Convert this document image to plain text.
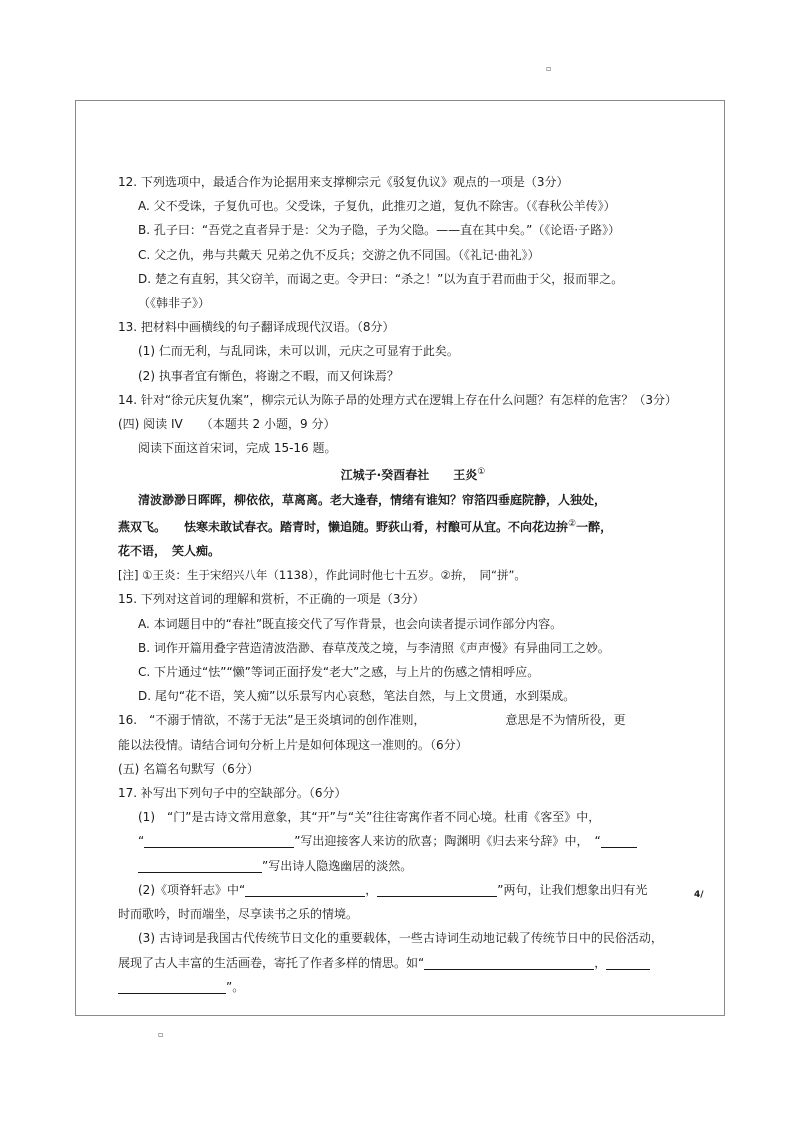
▫
▫
12. 下列选项中，最适合作为论据用来支撑柳宗元《驳复仇议》观点的一项是（3分）
A. 父不受诛，子复仇可也。父受诛，子复仇，此推刃之道，复仇不除害。（《春秋公羊传》）
B. 孔子曰：“吾党之直者异于是：父为子隐，子为父隐。——直在其中矣。”（《论语·子路》）
C. 父之仇，弗与共戴天 兄弟之仇不反兵；交游之仇不同国。（《礼记·曲礼》）
D. 楚之有直躬，其父窃羊，而谒之吏。令尹曰：“杀之！”以为直于君而曲于父，报而罪之。
（《韩非子》）
13. 把材料中画横线的句子翻译成现代汉语。（8分）
(1) 仁而无利，与乱同诛，未可以训，元庆之可显宥于此矣。
(2) 执事者宜有惭色，将谢之不暇，而又何诛焉？
14. 针对“徐元庆复仇案”，柳宗元认为陈子昂的处理方式在逻辑上存在什么问题？有怎样的危害？（3分）
(四) 阅读 IV　　（本题共 2 小题，9 分）
阅读下面这首宋词，完成 15-16 题。
江城子·癸酉春社　　王炎①
清波渺渺日晖晖，柳依依，草离离。老大逢春，情绪有谁知？帘箔四垂庭院静，人独处，
燕双飞。　　怯寒未敢试春衣。踏青时，懒追随。野荻山肴，村酿可从宜。不向花边拚②一醉，
花不语，　笑人痴。
[注] ①王炎：生于宋绍兴八年（1138），作此词时他七十五岁。②拚，　同“拼”。
15. 下列对这首词的理解和赏析，不正确的一项是（3分）
A. 本词题目中的“春社”既直接交代了写作背景，也会向读者提示词作部分内容。
B. 词作开篇用叠字营造清波浩渺、春草茂茂之境，与李清照《声声慢》有异曲同工之妙。
C. 下片通过“怯”“懒”等词正面抒发“老大”之感，与上片的伤感之情相呼应。
D. 尾句“花不语，笑人痴”以乐景写内心哀愁，笔法自然，与上文贯通，水到渠成。
16.　“不溺于情欲，不荡于无法”是王炎填词的创作准则，	意思是不为情所役，更
能以法役情。请结合词句分析上片是如何体现这一准则的。（6分）
(五) 名篇名句默写（6分）
17. 补写出下列句子中的空缺部分。（6分）
(1)　“门”是古诗文常用意象，其“开”与“关”往往寄寓作者不同心境。杜甫《客至》中，
“	”写出迎接客人来访的欣喜；陶渊明《归去来兮辞》中，　“
”写出诗人隐逸幽居的淡然。
(2)《项脊轩志》中“	，	”两句，让我们想象出归有光
时而歌吟，时而端坐，尽享读书之乐的情境。
(3) 古诗词是我国古代传统节日文化的重要载体，一些古诗词生动地记载了传统节日中的民俗活动，
展现了古人丰富的生活画卷，寄托了作者多样的情思。如“	，
”。
4/
